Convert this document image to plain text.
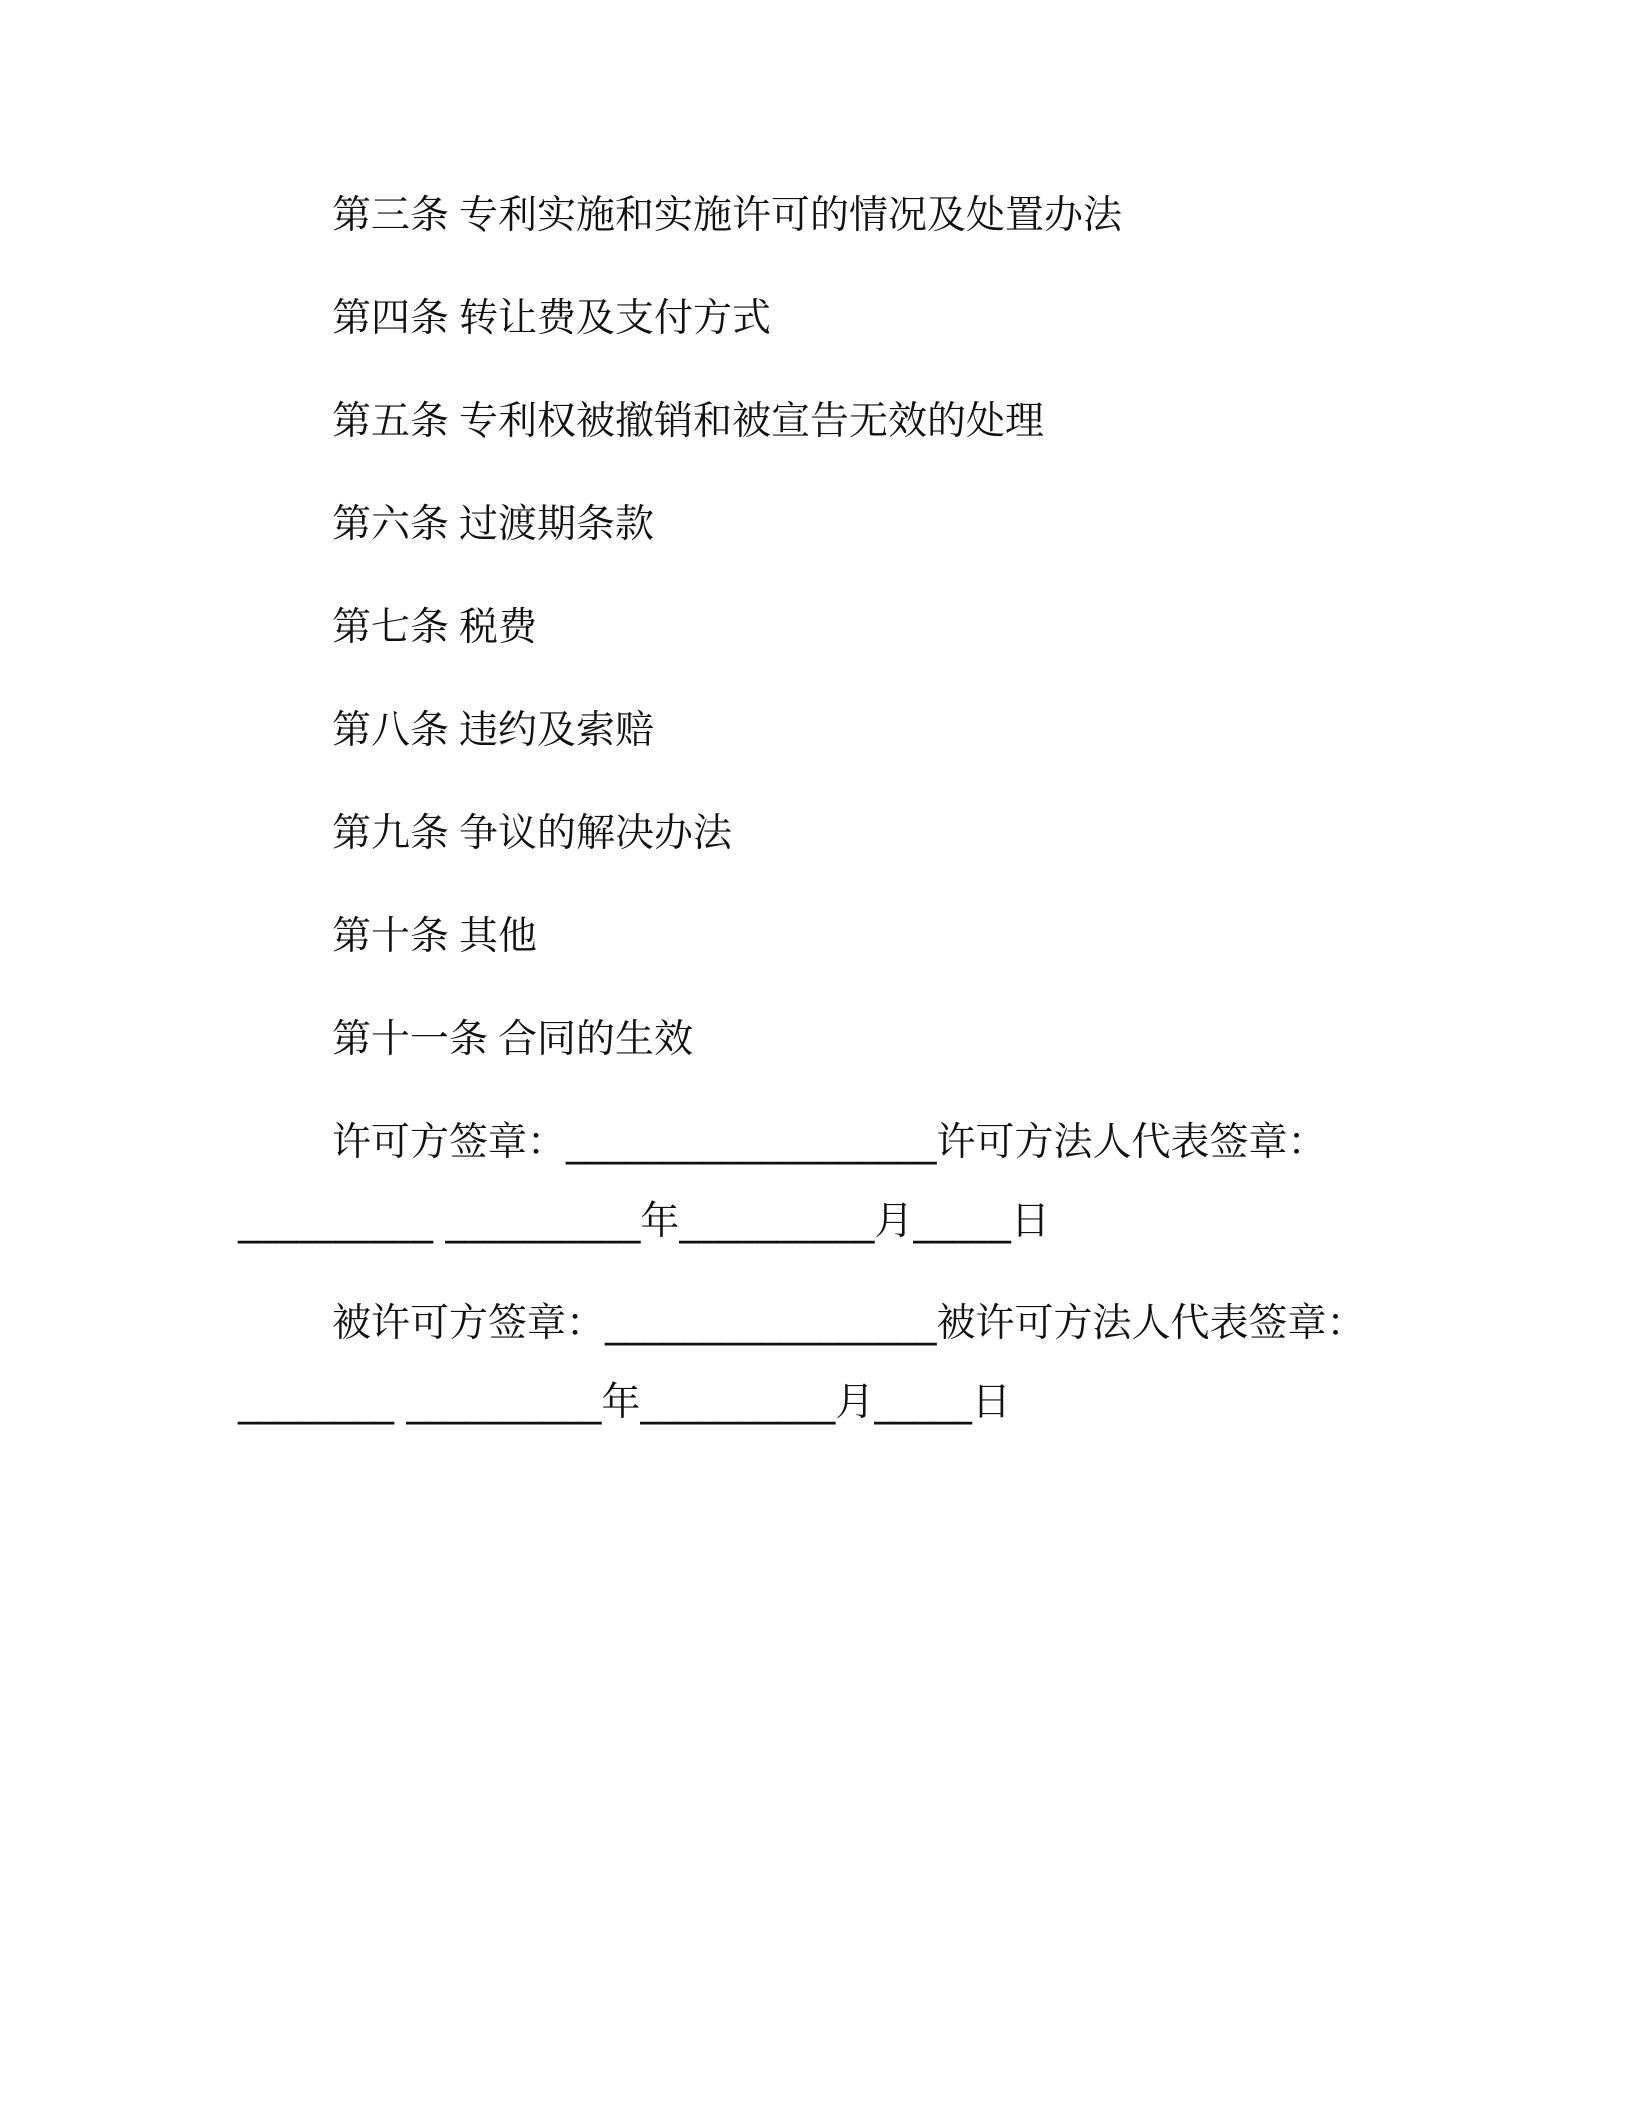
第三条 专利实施和实施许可的情况及处置办法
第四条 转让费及支付方式
第五条 专利权被撤销和被宣告无效的处理
第六条 过渡期条款
第七条 税费
第八条 违约及索赔
第九条 争议的解决办法
第十条 其他
第十一条 合同的生效
许可方签章：___________________许可方法人代表签章：
__________ __________年__________月_____日
被许可方签章：_________________被许可方法人代表签章：
________ __________年__________月_____日
